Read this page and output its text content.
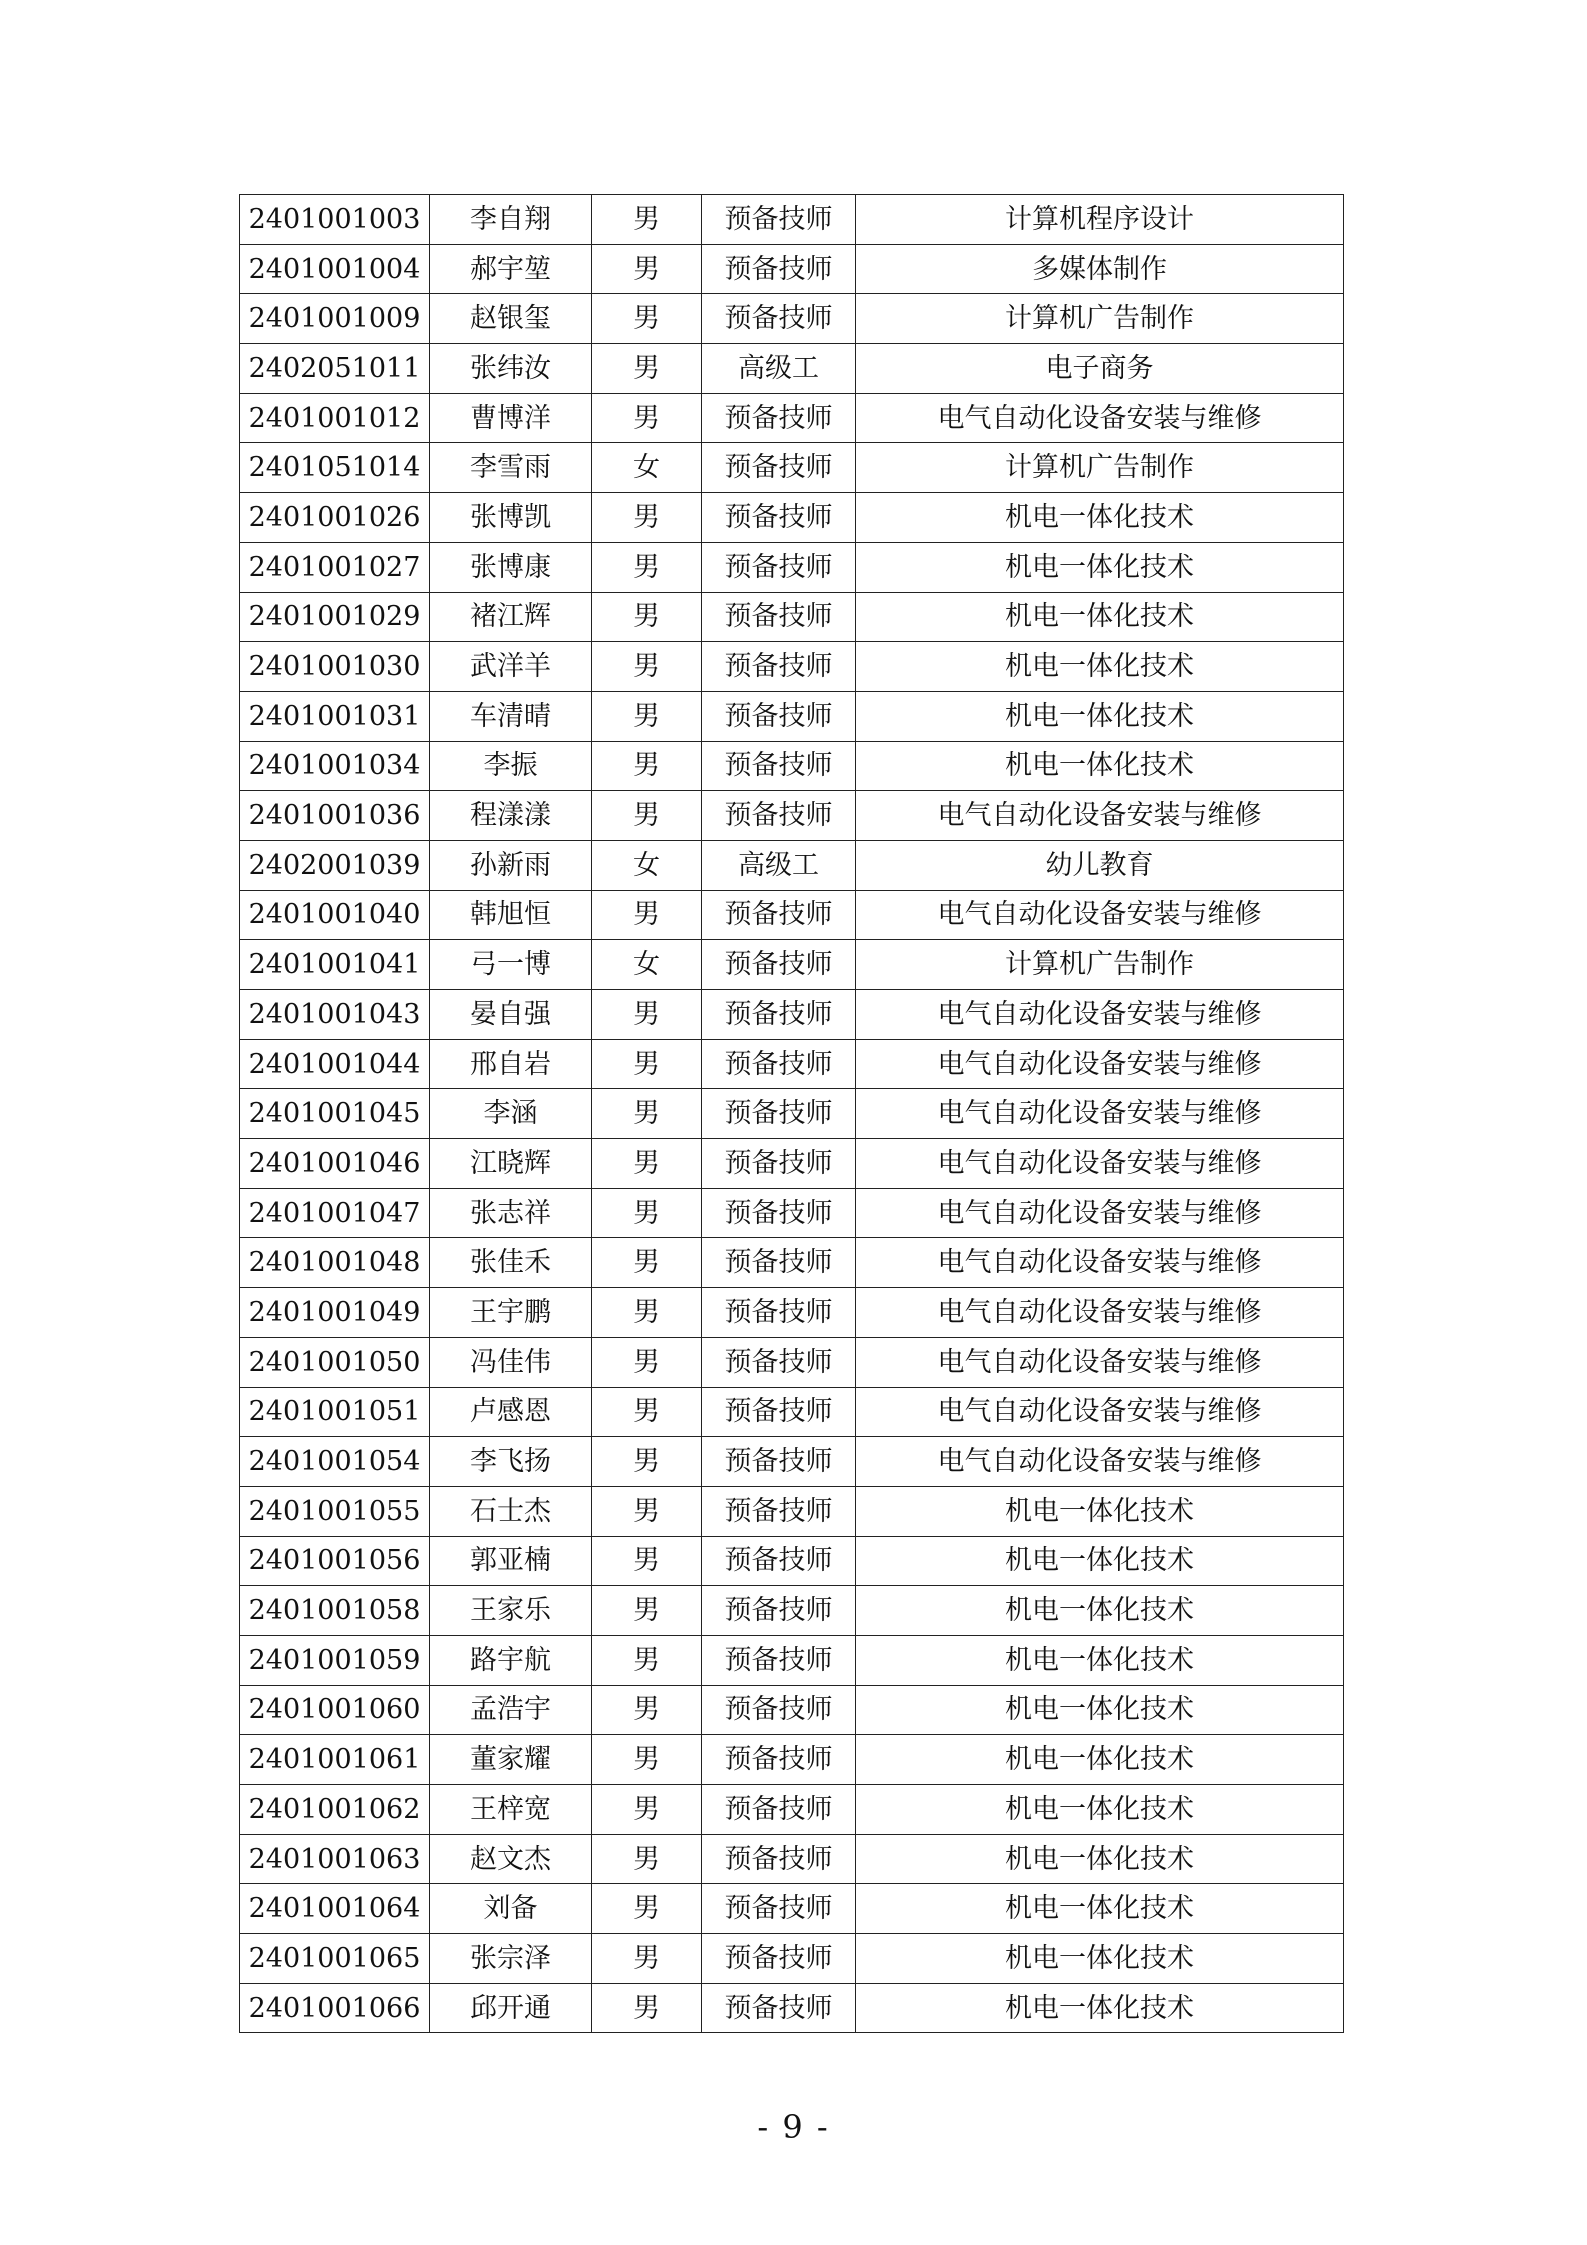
2401001003	李自翔	男	预备技师	计算机程序设计
2401001004	郝宇堃	男	预备技师	多媒体制作
2401001009	赵银玺	男	预备技师	计算机广告制作
2402051011	张纬汝	男	高级工	电子商务
2401001012	曹博洋	男	预备技师	电气自动化设备安装与维修
2401051014	李雪雨	女	预备技师	计算机广告制作
2401001026	张博凯	男	预备技师	机电一体化技术
2401001027	张博康	男	预备技师	机电一体化技术
2401001029	褚江辉	男	预备技师	机电一体化技术
2401001030	武洋羊	男	预备技师	机电一体化技术
2401001031	车清晴	男	预备技师	机电一体化技术
2401001034	李振	男	预备技师	机电一体化技术
2401001036	程漾漾	男	预备技师	电气自动化设备安装与维修
2402001039	孙新雨	女	高级工	幼儿教育
2401001040	韩旭恒	男	预备技师	电气自动化设备安装与维修
2401001041	弓一博	女	预备技师	计算机广告制作
2401001043	晏自强	男	预备技师	电气自动化设备安装与维修
2401001044	邢自岩	男	预备技师	电气自动化设备安装与维修
2401001045	李涵	男	预备技师	电气自动化设备安装与维修
2401001046	江晓辉	男	预备技师	电气自动化设备安装与维修
2401001047	张志祥	男	预备技师	电气自动化设备安装与维修
2401001048	张佳禾	男	预备技师	电气自动化设备安装与维修
2401001049	王宇鹏	男	预备技师	电气自动化设备安装与维修
2401001050	冯佳伟	男	预备技师	电气自动化设备安装与维修
2401001051	卢感恩	男	预备技师	电气自动化设备安装与维修
2401001054	李飞扬	男	预备技师	电气自动化设备安装与维修
2401001055	石士杰	男	预备技师	机电一体化技术
2401001056	郭亚楠	男	预备技师	机电一体化技术
2401001058	王家乐	男	预备技师	机电一体化技术
2401001059	路宇航	男	预备技师	机电一体化技术
2401001060	孟浩宇	男	预备技师	机电一体化技术
2401001061	董家耀	男	预备技师	机电一体化技术
2401001062	王梓宽	男	预备技师	机电一体化技术
2401001063	赵文杰	男	预备技师	机电一体化技术
2401001064	刘备	男	预备技师	机电一体化技术
2401001065	张宗泽	男	预备技师	机电一体化技术
2401001066	邱开通	男	预备技师	机电一体化技术
- 9 -
